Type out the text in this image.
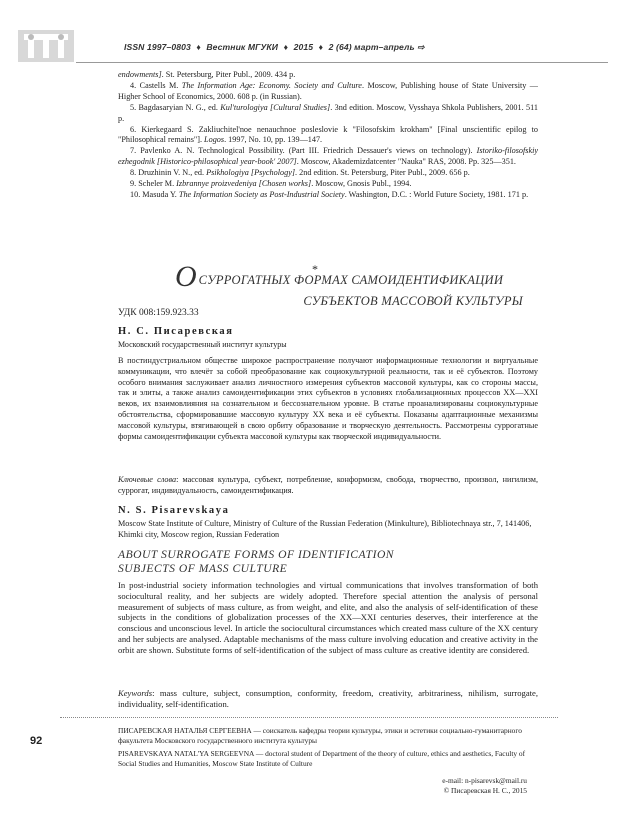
ISSN 1997–0803 ♦ Вестник МГУКИ ♦ 2015 ♦ 2 (64) март–апрель ⇨

endowments]. St. Petersburg, Piter Publ., 2009. 434 p.

4. Castells M. The Information Age: Economy. Society and Culture. Moscow, Publishing house of State University — Higher School of Economics, 2000. 608 p. (in Russian).

5. Bagdasaryian N. G., ed. Kul'turologiya [Cultural Studies]. 3nd edition. Moscow, Vysshaya Shkola Publishers, 2001. 511 p.

6. Kierkegaard S. Zakliuchitel'noe nenauchnoe posleslovie k "Filosofskim krokham" [Final unscientific epilog to "Philosophical remains"]. Logos. 1997, No. 10, pp. 139—147.

7. Pavlenko A. N. Technological Possibility. (Part III. Friedrich Dessauer's views on technology). Istoriko-filosofskiy ezhegodnik [Historico-philosophical year-book' 2007]. Moscow, Akademizdatcenter "Nauka" RAS, 2008. Pp. 325—351.

8. Druzhinin V. N., ed. Psikhologiya [Psychology]. 2nd edition. St. Petersburg, Piter Publ., 2009. 656 p.

9. Scheler M. Izbrannye proizvedeniya [Chosen works]. Moscow, Gnosis Publ., 1994.

10. Masuda Y. The Information Society as Post-Industrial Society. Washington, D.C. : World Future Society, 1981. 171 p.

*
ОСУРРОГАТНЫХ ФОРМАХ САМОИДЕНТИФИКАЦИИ
СУБЪЕКТОВ МАССОВОЙ КУЛЬТУРЫ
УДК 008:159.923.33
Н. С. Писаревская
Московский государственный институт культуры

В постиндустриальном обществе широкое распространение получают информационные технологии и виртуальные коммуникации, что влечёт за собой преобразование как социокультурной реальности, так и её субъектов. Поэтому особого внимания заслуживает анализ личностного измерения субъектов массовой культуры, как со стороны массы, так и элиты, а также анализ самоидентификации этих субъектов в условиях глобализационных процессов XX—XXI веков, их взаимовлияния на сознательном и бессознательном уровне. В статье проанализированы социокультурные обстоятельства, сформировавшие массовую культуру XX века и её субъекты. Показаны адаптационные механизмы массовой культуры, втягивающей в свою орбиту образование и творческую деятельность. Рассмотрены суррогатные формы самоидентификации субъекта массовой культуры как творческой индивидуальности.

Ключевые слова: массовая культура, субъект, потребление, конформизм, свобода, творчество, произвол, нигилизм, суррогат, индивидуальность, самоидентификация.

N. S. Pisarevskaya
Moscow State Institute of Culture, Ministry of Culture of the Russian Federation (Minkulture), Bibliotechnaya str., 7, 141406, Khimki city, Moscow region, Russian Federation
ABOUT SURROGATE FORMS OF IDENTIFICATION
SUBJECTS OF MASS CULTURE

In post-industrial society information technologies and virtual communications that involves transformation of both sociocultural reality, and her subjects are widely adopted. Therefore special attention the analysis of personal measurement of subjects of mass culture, as from weight, and elite, and also the analysis of self-identification of these subjects in the conditions of globalization processes of the XX—XXI centuries deserves, their interference at the conscious and unconscious level. In article the sociocultural circumstances which created mass culture of the XX century and her subjects are analysed. Adaptable mechanisms of the mass culture involving education and creative activity in the orbit are shown. Substitute forms of self-identification of the subject of mass culture as creative identity are considered.

Keywords: mass culture, subject, consumption, conformity, freedom, creativity, arbitrariness, nihilism, surrogate, individuality, self-identification.

92
ПИСАРЕВСКАЯ НАТАЛЬЯ СЕРГЕЕВНА — соискатель кафедры теории культуры, этики и эстетики социально-гуманитарного факультета Московского государственного института культуры
PISAREVSKAYA NATAL'YA SERGEEVNA — doctoral student of Department of the theory of culture, ethics and aesthetics, Faculty of Social Studies and Humanities, Moscow State Institute of Culture
e-mail: n-pisarevsk@mail.ru
© Писаревская Н. С., 2015
